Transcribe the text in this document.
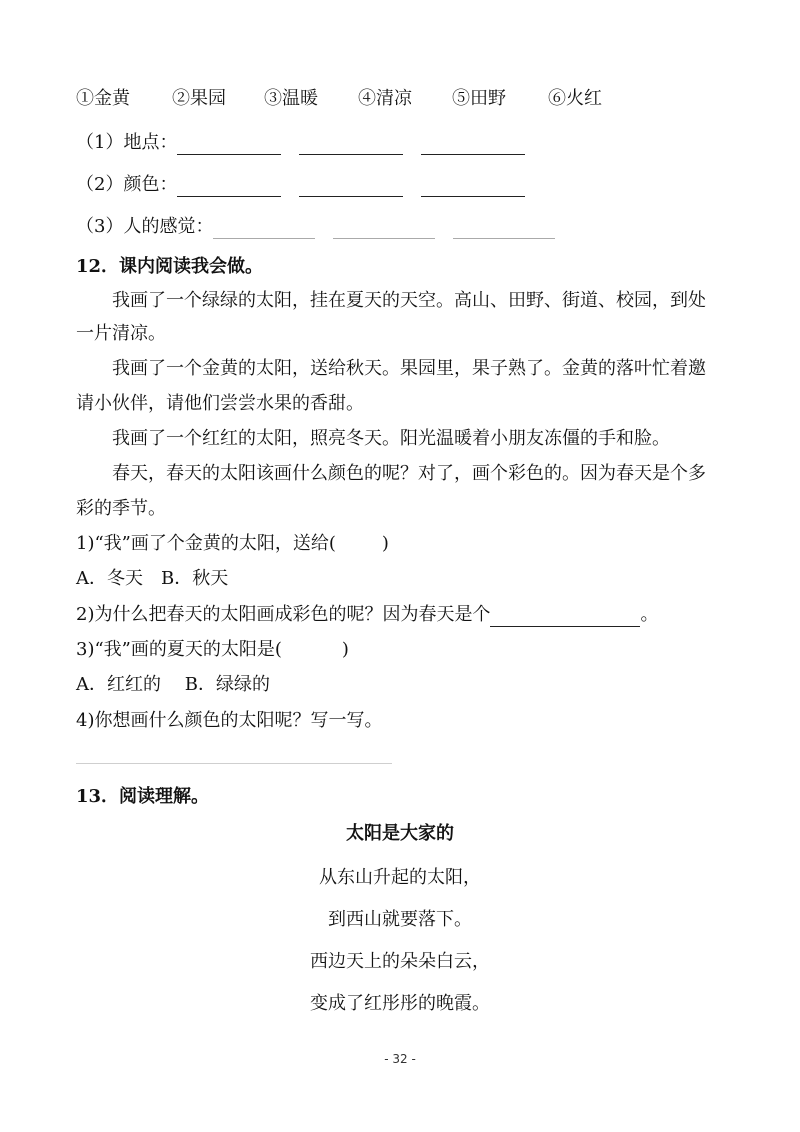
①金黄 ②果园 ③温暖 ④清凉 ⑤田野 ⑥火红
（1）地点：
（2）颜色：
（3）人的感觉：
12．课内阅读我会做。
我画了一个绿绿的太阳，挂在夏天的天空。高山、田野、街道、校园，到处
一片清凉。
我画了一个金黄的太阳，送给秋天。果园里，果子熟了。金黄的落叶忙着邀
请小伙伴，请他们尝尝水果的香甜。
我画了一个红红的太阳，照亮冬天。阳光温暖着小朋友冻僵的手和脸。
春天，春天的太阳该画什么颜色的呢？对了，画个彩色的。因为春天是个多
彩的季节。
1)“我”画了个金黄的太阳，送给(	)
A．冬天　B．秋天
2)为什么把春天的太阳画成彩色的呢？因为春天是个	。
3)“我”画的夏天的太阳是(	)
A．红红的　 B．绿绿的
4)你想画什么颜色的太阳呢？写一写。
13．阅读理解。
太阳是大家的
从东山升起的太阳，
到西山就要落下。
西边天上的朵朵白云，
变成了红彤彤的晚霞。
- 32 -
